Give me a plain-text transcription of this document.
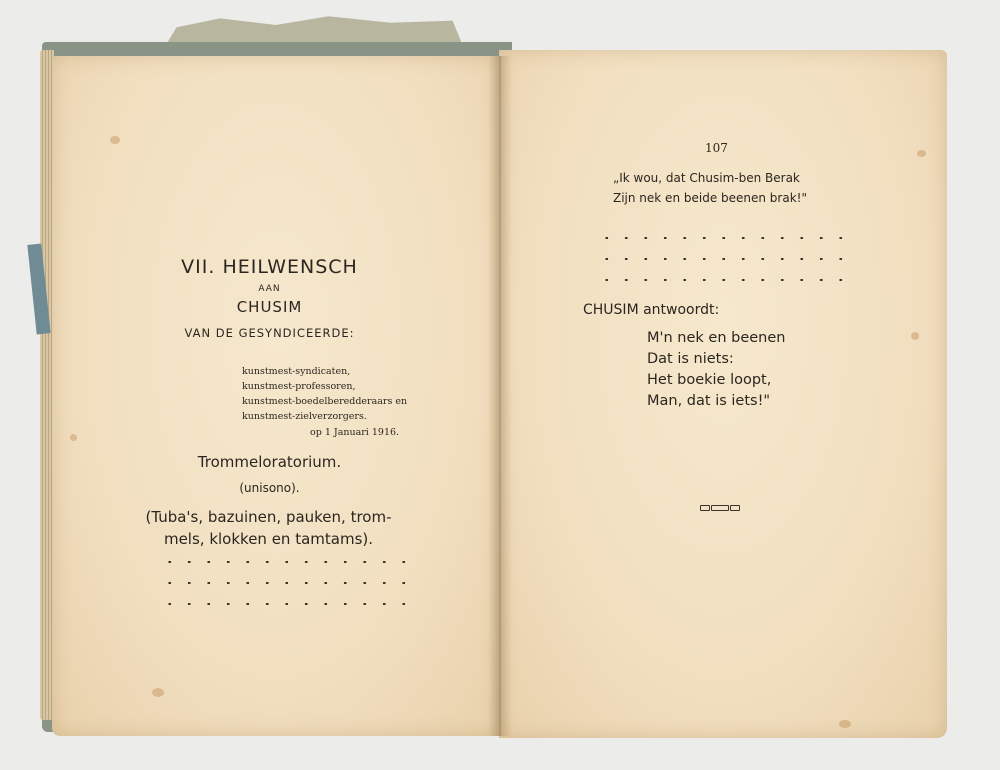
VII. HEILWENSCH
AAN
CHUSIM
VAN DE GESYNDICEERDE:
kunstmest-syndicaten,
kunstmest-professoren,
kunstmest-boedelberedderaars en
kunstmest-zielverzorgers.
op 1 Januari 1916.
Trommeloratorium.
(unisono).
(Tuba's, bazuinen, pauken, trom-
mels, klokken en tamtams).
107
„Ik wou, dat Chusim-ben Berak
Zijn nek en beide beenen brak!"
CHUSIM antwoordt:
M'n nek en beenen
Dat is niets:
Het boekie loopt,
Man, dat is iets!"
